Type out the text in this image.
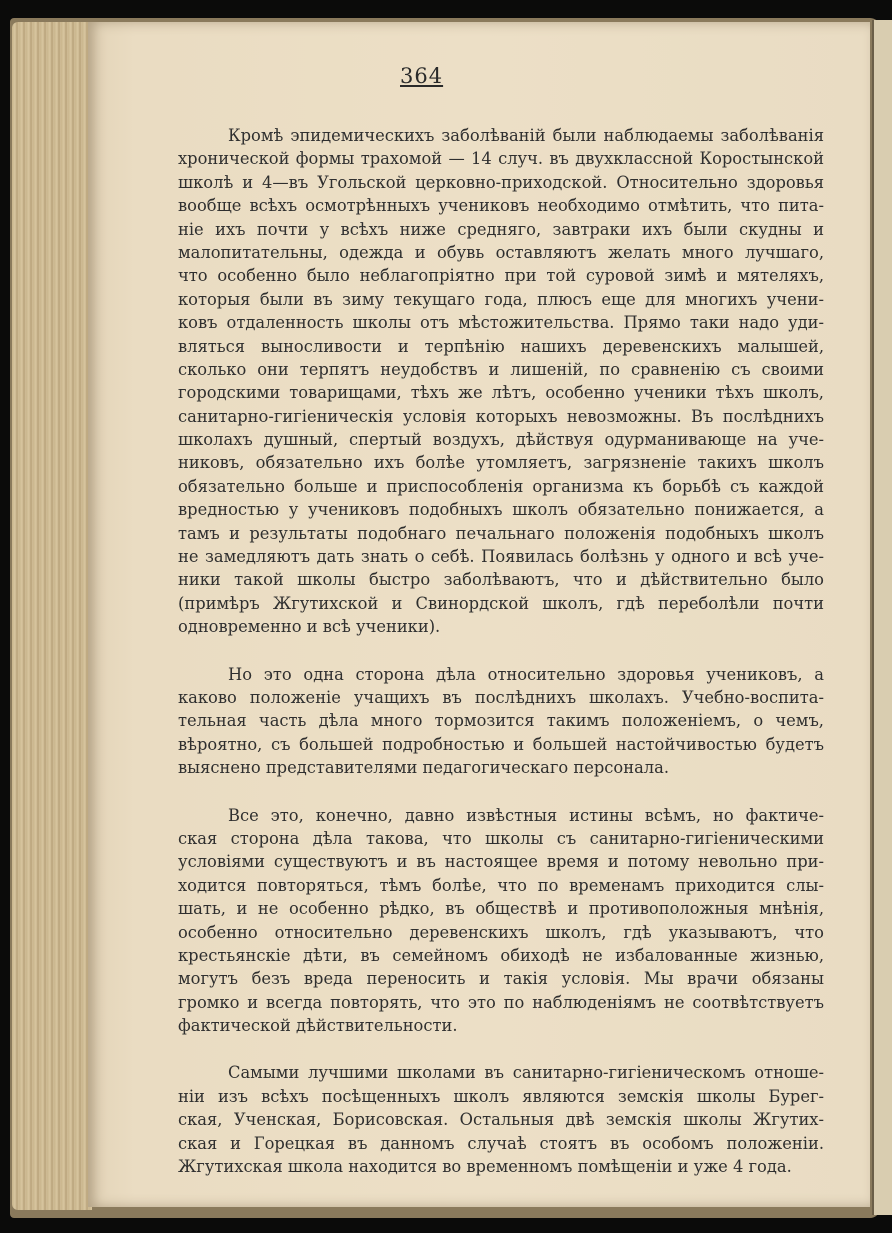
Кромѣ эпидемическихъ заболѣваній были наблюдаемы заболѣванія
хронической формы трахомой — 14 случ. въ двухклассной Коростынской
школѣ и 4—въ Угольской церковно-приходской. Относительно здоровья
вообще всѣхъ осмотрѣнныхъ учениковъ необходимо отмѣтить, что пита-
ніе ихъ почти у всѣхъ ниже средняго, завтраки ихъ были скудны и
малопитательны, одежда и обувь оставляютъ желать много лучшаго,
что особенно было неблагопріятно при той суровой зимѣ и мятеляхъ,
которыя были въ зиму текущаго года, плюсъ еще для многихъ учени-
ковъ отдаленность школы отъ мѣстожительства. Прямо таки надо уди-
вляться выносливости и терпѣнію нашихъ деревенскихъ малышей,
сколько они терпятъ неудобствъ и лишеній, по сравненію съ своими
городскими товарищами, тѣхъ же лѣтъ, особенно ученики тѣхъ школъ,
санитарно-гигіеническія условія которыхъ невозможны. Въ послѣднихъ
школахъ душный, спертый воздухъ, дѣйствуя одурманивающе на уче-
никовъ, обязательно ихъ болѣе утомляетъ, загрязненіе такихъ школъ
обязательно больше и приспособленія организма къ борьбѣ съ каждой
вредностью у учениковъ подобныхъ школъ обязательно понижается, а
тамъ и результаты подобнаго печальнаго положенія подобныхъ школъ
не замедляютъ дать знать о себѣ. Появилась болѣзнь у одного и всѣ уче-
ники такой школы быстро заболѣваютъ, что и дѣйствительно было
(примѣръ Жгутихской и Свинордской школъ, гдѣ переболѣли почти
одновременно и всѣ ученики).
Но это одна сторона дѣла относительно здоровья учениковъ, а
каково положеніе учащихъ въ послѣднихъ школахъ. Учебно-воспита-
тельная часть дѣла много тормозится такимъ положеніемъ, о чемъ,
вѣроятно, съ большей подробностью и большей настойчивостью будетъ
выяснено представителями педагогическаго персонала.
Все это, конечно, давно извѣстныя истины всѣмъ, но фактиче-
ская сторона дѣла такова, что школы съ санитарно-гигіеническими
условіями существуютъ и въ настоящее время и потому невольно при-
ходится повторяться, тѣмъ болѣе, что по временамъ приходится слы-
шать, и не особенно рѣдко, въ обществѣ и противоположныя мнѣнія,
особенно относительно деревенскихъ школъ, гдѣ указываютъ, что
крестьянскіе дѣти, въ семейномъ обиходѣ не избалованные жизнью,
могутъ безъ вреда переносить и такія условія. Мы врачи обязаны
громко и всегда повторять, что это по наблюденіямъ не соотвѣтствуетъ
фактической дѣйствительности.
Самыми лучшими школами въ санитарно-гигіеническомъ отноше-
ніи изъ всѣхъ посѣщенныхъ школъ являются земскія школы Бурег-
ская, Ученская, Борисовская. Остальныя двѣ земскія школы Жгутих-
ская и Горецкая въ данномъ случаѣ стоятъ въ особомъ положеніи.
Жгутихская школа находится во временномъ помѣщеніи и уже 4 года.
